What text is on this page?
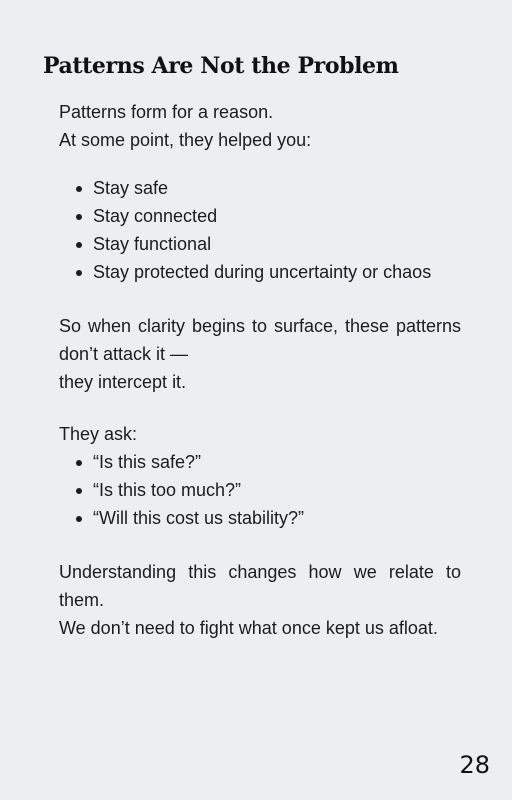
Patterns Are Not the Problem

Patterns form for a reason.

At some point, they helped you:

Stay safe
Stay connected
Stay functional
Stay protected during uncertainty or chaos

So when clarity begins to surface, these patterns don’t attack it —

they intercept it.

They ask:

“Is this safe?”
“Is this too much?”
“Will this cost us stability?”

Understanding this changes how we relate to them.

We don’t need to fight what once kept us afloat.

28
